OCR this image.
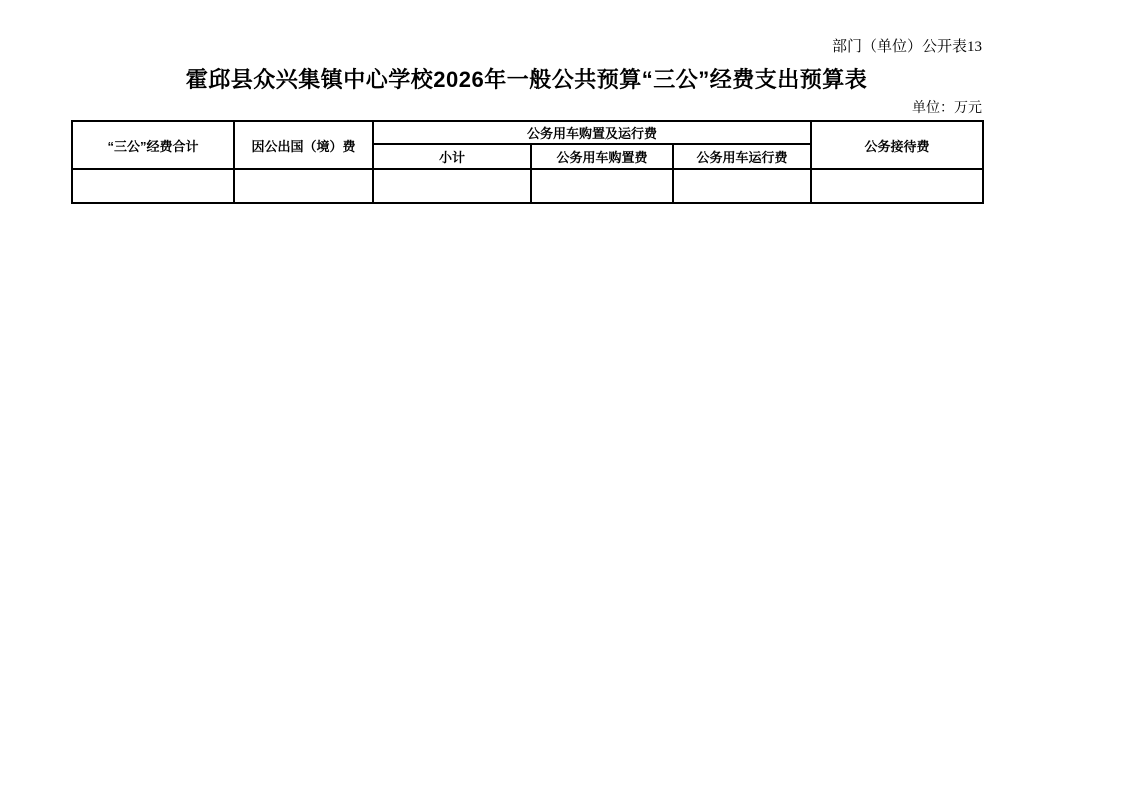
部门（单位）公开表13
霍邱县众兴集镇中心学校2026年一般公共预算“三公”经费支出预算表
单位：万元
“三公”经费合计	因公出国（境）费	公务用车购置及运行费			公务接待费
		小计	公务用车购置费	公务用车运行费	
